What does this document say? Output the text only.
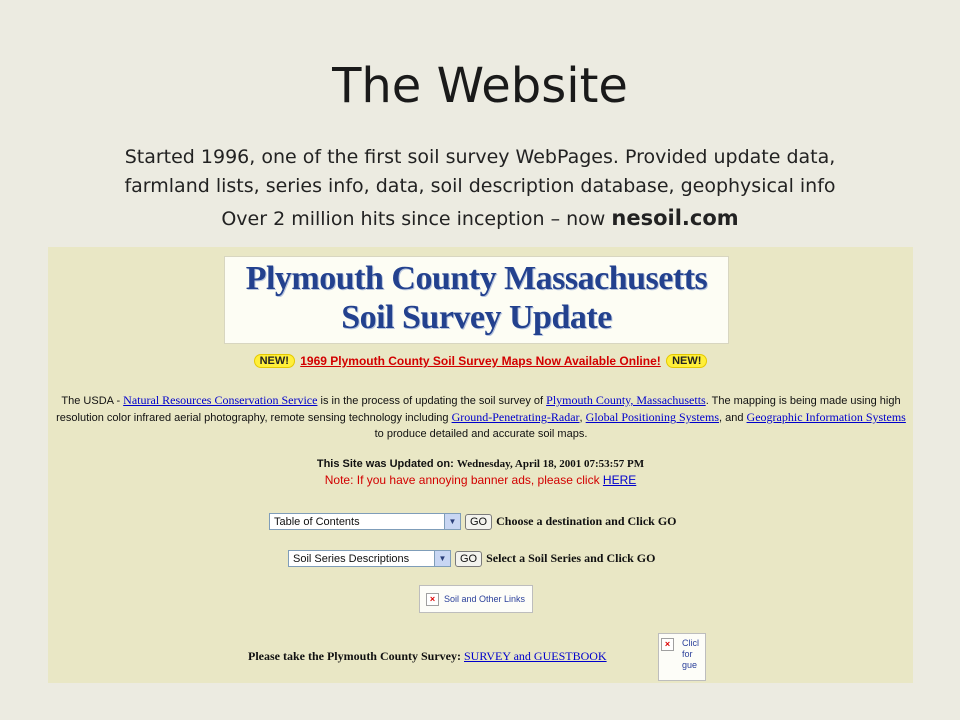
The Website
Started 1996, one of the first soil survey WebPages. Provided update data,
farmland lists, series info, data, soil description database, geophysical info
Over 2 million hits since inception – now nesoil.com
Plymouth County Massachusetts
Soil Survey Update
NEW! 1969 Plymouth County Soil Survey Maps Now Available Online! NEW!
The USDA - Natural Resources Conservation Service is in the process of updating the soil survey of Plymouth County, Massachusetts. The mapping is being made using high resolution color infrared aerial photography, remote sensing technology including Ground-Penetrating-Radar, Global Positioning Systems, and Geographic Information Systems to produce detailed and accurate soil maps.
This Site was Updated on: Wednesday, April 18, 2001 07:53:57 PM
Note: If you have annoying banner ads, please click HERE
Table of Contents	▼	GO Choose a destination and Click GO
Soil Series Descriptions	▼	GO Select a Soil Series and Click GO
× Soil and Other Links
Please take the Plymouth County Survey: SURVEY and GUESTBOOK
×	Clicl
for
gue
